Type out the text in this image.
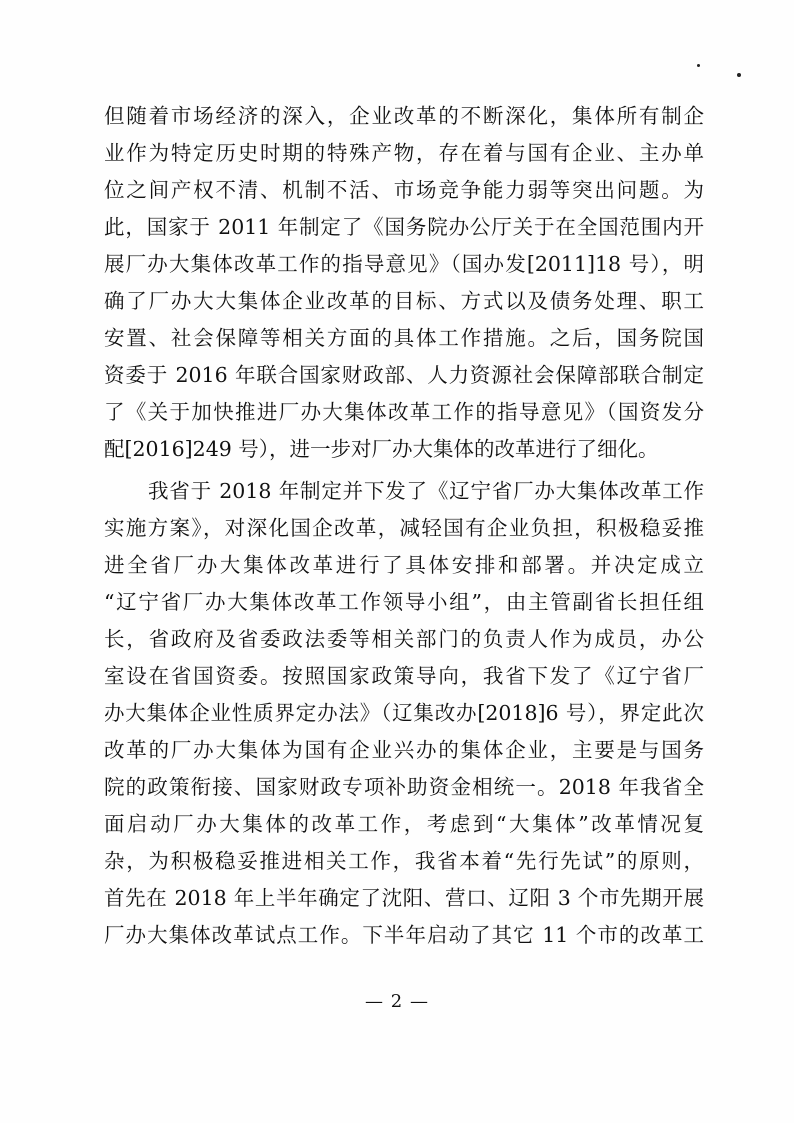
但随着市场经济的深入，企业改革的不断深化，集体所有制企
业作为特定历史时期的特殊产物，存在着与国有企业、主办单
位之间产权不清、机制不活、市场竞争能力弱等突出问题。为
此，国家于 2011 年制定了《国务院办公厅关于在全国范围内开
展厂办大集体改革工作的指导意见》（国办发[2011]18 号），明
确了厂办大大集体企业改革的目标、方式以及债务处理、职工
安置、社会保障等相关方面的具体工作措施。之后，国务院国
资委于 2016 年联合国家财政部、人力资源社会保障部联合制定
了《关于加快推进厂办大集体改革工作的指导意见》（国资发分
配[2016]249 号），进一步对厂办大集体的改革进行了细化。
我省于 2018 年制定并下发了《辽宁省厂办大集体改革工作
实施方案》，对深化国企改革，减轻国有企业负担，积极稳妥推
进全省厂办大集体改革进行了具体安排和部署。并决定成立
“辽宁省厂办大集体改革工作领导小组”，由主管副省长担任组
长，省政府及省委政法委等相关部门的负责人作为成员，办公
室设在省国资委。按照国家政策导向，我省下发了《辽宁省厂
办大集体企业性质界定办法》（辽集改办[2018]6 号），界定此次
改革的厂办大集体为国有企业兴办的集体企业，主要是与国务
院的政策衔接、国家财政专项补助资金相统一。2018 年我省全
面启动厂办大集体的改革工作，考虑到“大集体”改革情况复
杂，为积极稳妥推进相关工作，我省本着“先行先试”的原则，
首先在 2018 年上半年确定了沈阳、营口、辽阳 3 个市先期开展
厂办大集体改革试点工作。下半年启动了其它 11 个市的改革工
— 2 —
